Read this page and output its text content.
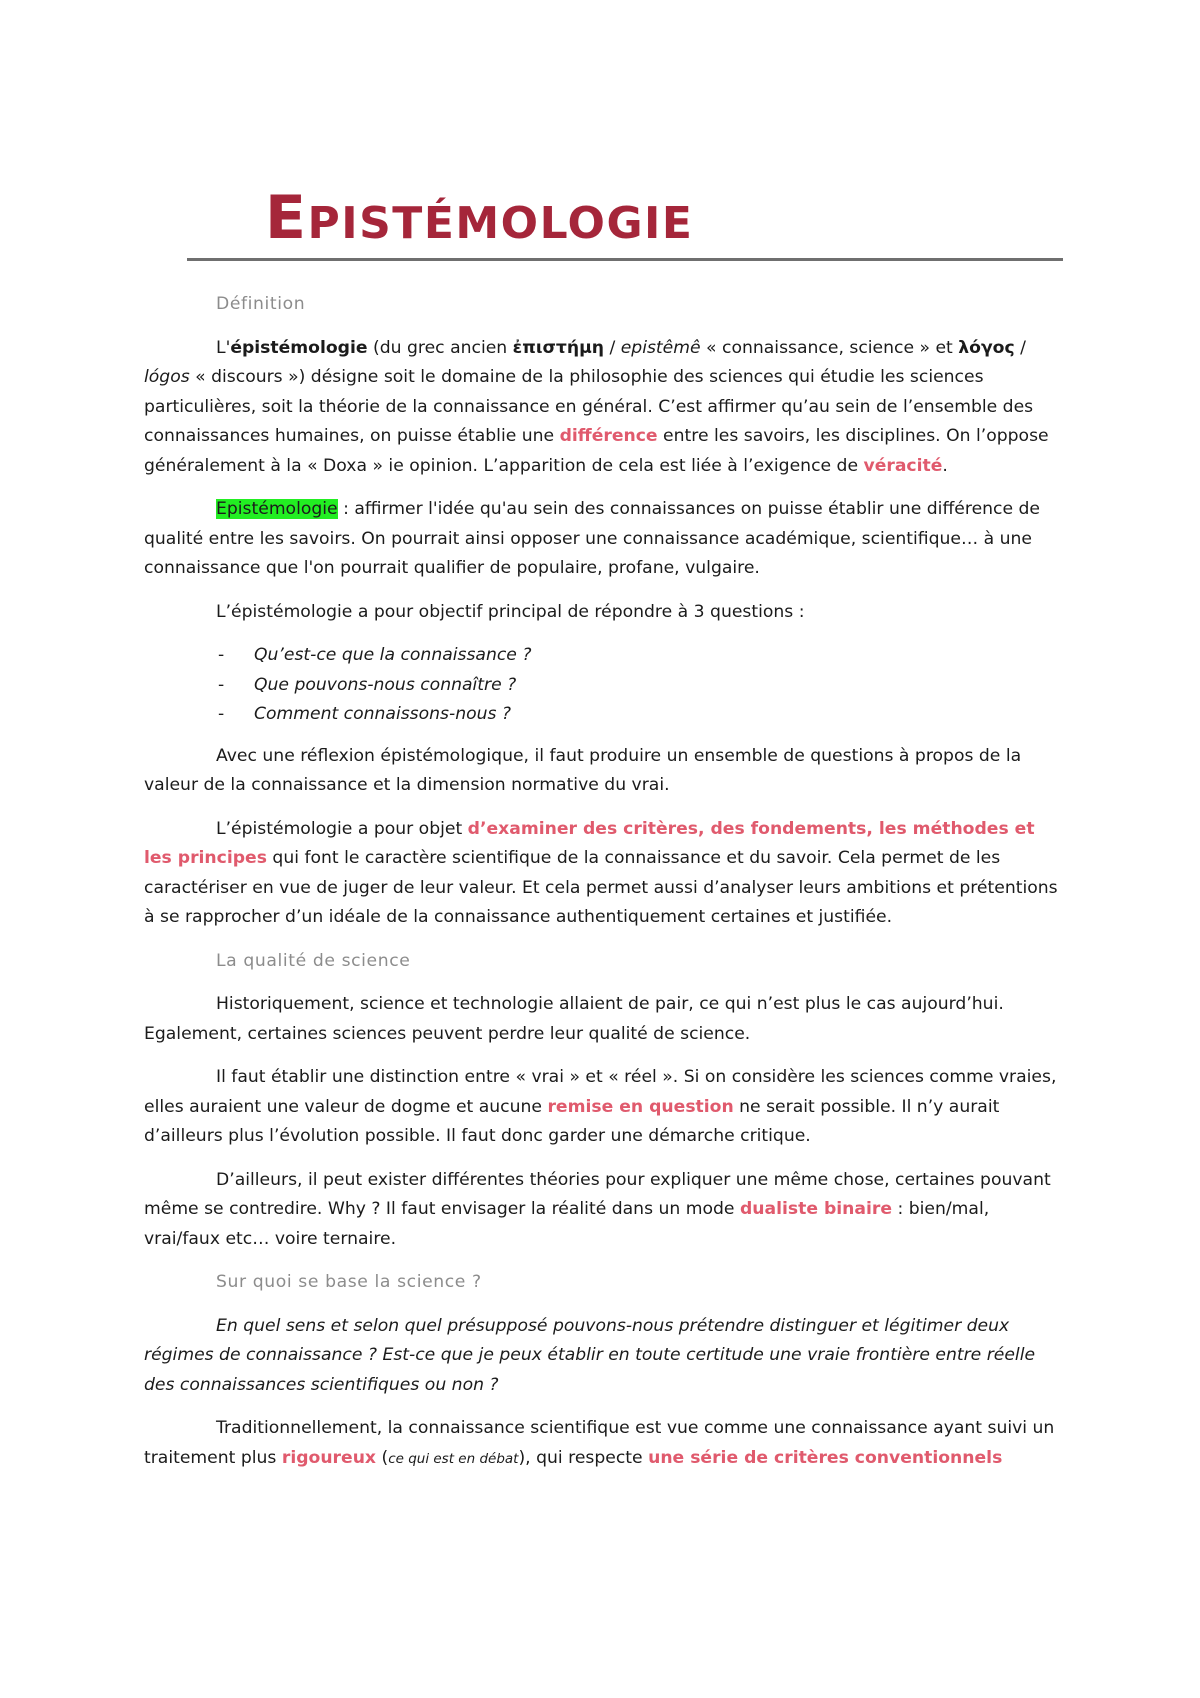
EPISTÉMOLOGIE
Définition

L'épistémologie (du grec ancien ἐπιστήμη / epistêmê « connaissance, science » et λόγος / lógos « discours ») désigne soit le domaine de la philosophie des sciences qui étudie les sciences particulières, soit la théorie de la connaissance en général. C’est affirmer qu’au sein de l’ensemble des connaissances humaines, on puisse établie une différence entre les savoirs, les disciplines. On l’oppose généralement à la « Doxa » ie opinion. L’apparition de cela est liée à l’exigence de véracité.

Epistémologie : affirmer l'idée qu'au sein des connaissances on puisse établir une différence de qualité entre les savoirs. On pourrait ainsi opposer une connaissance académique, scientifique… à une connaissance que l'on pourrait qualifier de populaire, profane, vulgaire.

L’épistémologie a pour objectif principal de répondre à 3 questions :

- Qu’est-ce que la connaissance ?
- Que pouvons-nous connaître ?
- Comment connaissons-nous ?

Avec une réflexion épistémologique, il faut produire un ensemble de questions à propos de la valeur de la connaissance et la dimension normative du vrai.

L’épistémologie a pour objet d’examiner des critères, des fondements, les méthodes et les principes qui font le caractère scientifique de la connaissance et du savoir. Cela permet de les caractériser en vue de juger de leur valeur. Et cela permet aussi d’analyser leurs ambitions et prétentions à se rapprocher d’un idéale de la connaissance authentiquement certaines et justifiée.

La qualité de science

Historiquement, science et technologie allaient de pair, ce qui n’est plus le cas aujourd’hui. Egalement, certaines sciences peuvent perdre leur qualité de science.

Il faut établir une distinction entre « vrai » et « réel ». Si on considère les sciences comme vraies, elles auraient une valeur de dogme et aucune remise en question ne serait possible. Il n’y aurait d’ailleurs plus l’évolution possible. Il faut donc garder une démarche critique.

D’ailleurs, il peut exister différentes théories pour expliquer une même chose, certaines pouvant même se contredire. Why ? Il faut envisager la réalité dans un mode dualiste binaire : bien/mal, vrai/faux etc… voire ternaire.

Sur quoi se base la science ?

En quel sens et selon quel présupposé pouvons-nous prétendre distinguer et légitimer deux régimes de connaissance ? Est-ce que je peux établir en toute certitude une vraie frontière entre réelle des connaissances scientifiques ou non ?

Traditionnellement, la connaissance scientifique est vue comme une connaissance ayant suivi un traitement plus rigoureux (ce qui est en débat), qui respecte une série de critères conventionnels
